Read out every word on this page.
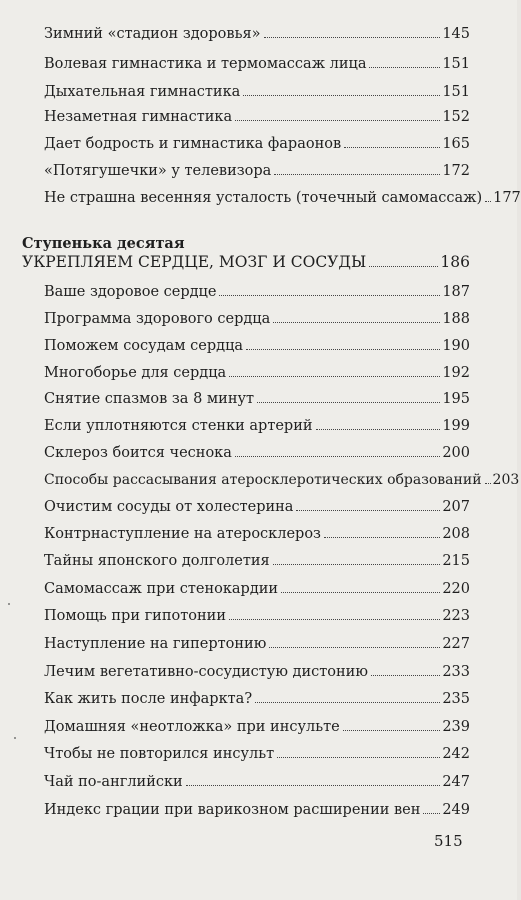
Зимний «стадион здоровья»	145
Волевая гимнастика и термомассаж лица	151
Дыхательная гимнастика	151
Незаметная гимнастика	152
Дает бодрость и гимнастика фараонов	165
«Потягушечки» у телевизора	172
Не страшна весенняя усталость (точечный самомассаж) 177
Ступенька десятая
УКРЕПЛЯЕМ СЕРДЦЕ, МОЗГ И СОСУДЫ	186
Ваше здоровое сердце	187
Программа здорового сердца	188
Поможем сосудам сердца	190
Многоборье для сердца	192
Снятие спазмов за 8 минут	195
Если уплотняются стенки артерий	199
Склероз боится чеснока	200
Способы рассасывания атеросклеротических образований 203
Очистим сосуды от холестерина	207
Контрнаступление на атеросклероз	208
Тайны японского долголетия	215
Самомассаж при стенокардии	220
Помощь при гипотонии	223
Наступление на гипертонию	227
Лечим вегетативно-сосудистую дистонию	233
Как жить после инфаркта?	235
Домашняя «неотложка» при инсульте	239
Чтобы не повторился инсульт	242
Чай по-английски	247
Индекс грации при варикозном расширении вен 249
515
